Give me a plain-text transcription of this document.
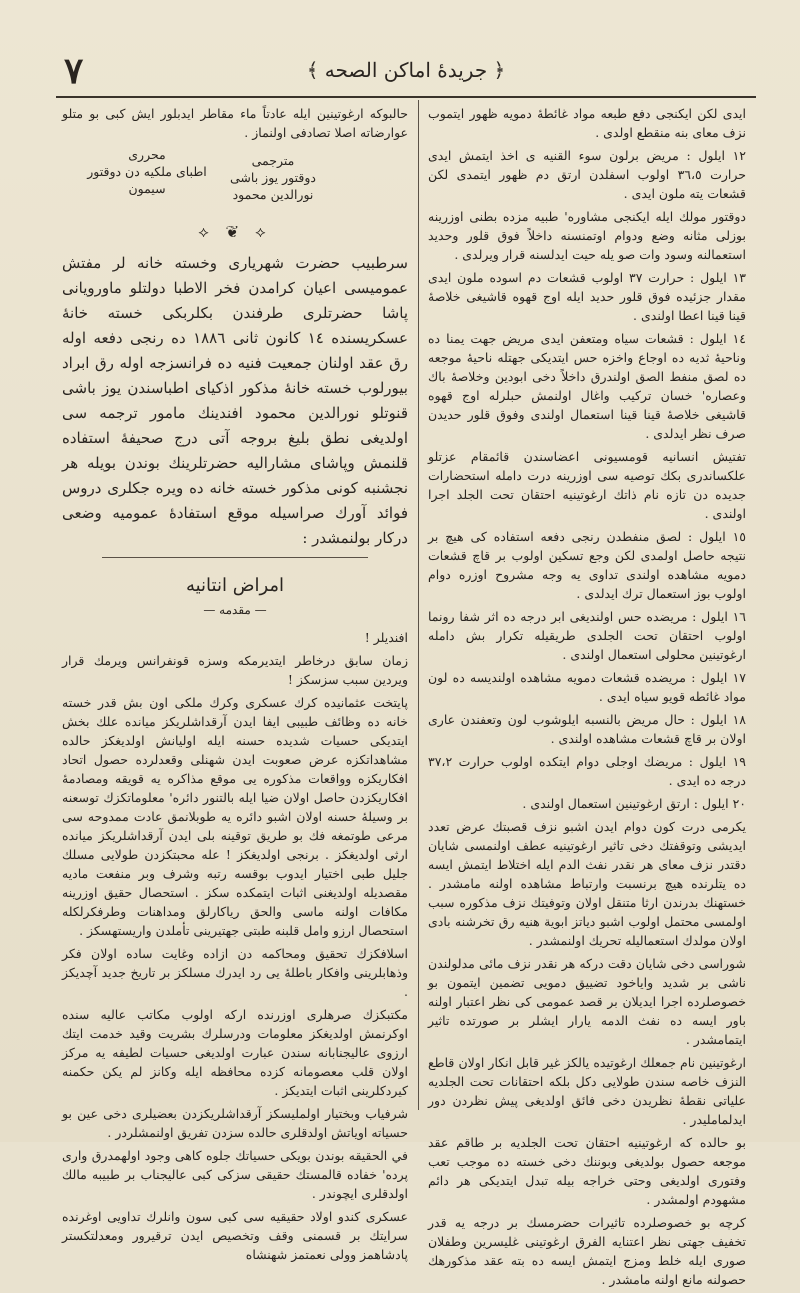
﴿ جريدهٔ اماكن الصحه ﴾
٧

ايدى لكن ايكنجى دفع طبعه مواد غائطهٔ دمويه ظهور ايتموب نزف معاى بنه منقطع اولدى .

١٢ ايلول : مريض برلون سوء القنيه ى اخذ ايتمش ايدى حرارت ٣٦،٥ اولوب اسفلدن ارتق دم ظهور ايتمدى لكن قشعات يته ملون ايدى .

دوقتور مولك ايله ايكنجى مشاوره' طبيه مزده بطنى اوزرينه بوزلى مثانه وضع ودوام اوتمنسنه داخلاً فوق قلور وحديد استعمالنه وسود وات صو يله حيت ايدلسنه قرار ويرلدى .

١٣ ايلول : حرارت ٣٧ اولوب قشعات دم اسوده ملون ايدى مقدار جزئيده فوق قلور حديد ايله اوج قهوه قاشيغى خلاصهٔ قينا قينا اعطا اولندى .

١٤ ايلول : قشعات سياه ومتعفن ايدى مريض جهت يمنا ده وناحيهٔ ثديه ده اوجاع واخزه حس ايتديكى جهتله ناحيهٔ موجعه ده لصق منفط الصق اولندرق داخلاً دخى ابودين وخلاصهٔ باك وعصاره' خسان تركيب واغال اولنمش حبلرله اوج قهوه قاشيغى خلاصهٔ قينا قينا استعمال اولندى وفوق قلور حديدن صرف نظر ايدلدى .

تفتيش انسانيه قومسيونى اعضاسندن قائمقام عزتلو علكساندرى بكك توصيه سى اوزرينه درت دامله استحضارات جديده دن تازه نام ذاتك ارغوتينيه احتقان تحت الجلد اجرا اولندى .

١٥ ايلول : لصق منفطدن رنجى دفعه استفاده كى هيچ بر نتيجه حاصل اولمدى لكن وجع تسكين اولوب بر قاچ قشعات دمويه مشاهده اولندى تداوى يه وجه مشروح اوزره دوام اولوب بوز استعمال ترك ايدلدى .

١٦ ايلول : مريضده حس اولنديغى ابر درجه ده اثر شفا رونما اولوب احتقان تحت الجلدى طريقيله تكرار بش دامله ارغوتينين محلولى استعمال اولندى .

١٧ ايلول : مريضده قشعات دمويه مشاهده اولنديسه ده لون مواد غائطه قويو سياه ايدى .

١٨ ايلول : حال مريض بالنسبه ايلوشوب لون وتعفندن عارى اولان بر قاچ قشعات مشاهده اولندى .

١٩ ايلول : مريضك اوجلى دوام ايتكده اولوب حرارت ٣٧،٢ درجه ده ايدى .

٢٠ ايلول : ارتق ارغوتينين استعمال اولندى .

يكرمى درت كون دوام ايدن اشبو نزف قصبتك عرض تعدد ايديشى وتوقفتك دخى تاثير ارغوتينيه عطف اولنمسى شايان دقتدر نزف معاى هر نقدر نفث الدم ايله اختلاط ايتمش ايسه ده يتلرنده هيچ برنسبت وارتباط مشاهده اولنه مامشدر . خستهنك بدرندن ارثا متنقل اولان وتوفيتك نزف مذكوره سبب اولمسى محتمل اولوب اشبو دياتز ابوية هنيه رق تخرشنه بادى اولان مولدك استعماليله تحريك اولنمشدر .

شوراسى دخى شايان دقت دركه هر نقدر نزف مائى مدلولندن ناشى بر شديد واياخود تضييق دمويى تضمين ايتمون بو خصوصلرده اجرا ايديلان بر قصد عمومى كى نظر اعتبار اولنه باور ايسه ده نفث الدمه يارار ايشلر بر صورتده تاثير ايتمامشدر .

ارغوتينين نام جمعلك ارغوتيده يالكز غير قابل انكار اولان قاطع النزف خاصه سندن طولايى دكل بلكه احتقانات تحت الجلديه علياتى نقطهٔ نظريدن دخى فائق اولديغى پيش نظردن دور ايدلمامليدر .

بو حالده كه ارغوتينيه احتقان تحت الجلديه بر طاقم عقد موجعه حصول بولديغى وبوننك دخى خسته ده موجب تعب وفتورى اولديغى وحتى خراجه بيله تبدل ايتديكى هر دائم مشهودم اولمشدر .

كرچه بو خصوصلرده تاثيرات حضرمسك بر درجه يه قدر تخفيف جهتى نظر اعتنايه الفرق ارغوتينى غليسرين وطفلان صورى ايله خلط ومزج ايتمش ايسه ده بته عقد مذكورهك حصولنه مانع اولنه مامشدر .

حالبوكه ارغوتينين ايله عادتاً ماء مقاطر ايدبلور ايش كبى بو متلو عوارضاته اصلا تصادفى اولنماز .

مترجمى
دوقتور يوز باشى
نورالدين محمود
محررى
اطباى ملكيه دن دوقتور
سيمون
⟡ ❦ ⟡

سرطبيب حضرت شهريارى وخسته خانه لر مفتش عموميسى اعيان كرامدن فخر الاطبا دولتلو ماورويانى پاشا حضرتلرى طرفندن بكلربكى خسته خانهٔ عسكريسنده ١٤ كانون ثانى ١٨٨٦ ده رنجى دفعه اوله رق عقد اولنان جمعيت فنيه ده فرانسزجه اوله رق ابراد بيورلوب خسته خانهٔ مذكور اذكياى اطباسندن يوز باشى قنوتلو نورالدين محمود افندينك مامور ترجمه سى اولديغى نطق بليغ بروجه آتى درج صحيفهٔ استفاده قلنمش وپاشاى مشاراليه حضرتلرينك بوندن بويله هر نجشنبه كونى مذكور خسته خانه ده ويره جكلرى دروس فوائد آورك صراسيله موقع استفادهٔ عموميه وضعى دركار بولنمشدر :

امراض انتانيه
— مقدمه —

افنديلر !

زمان سابق درخاطر ايتديرمكه وسزه قونفرانس ويرمك قرار ويردين سبب سزسكز !

پايتخت عثمانيده كرك عسكرى وكرك ملكى اون بش قدر خسته خانه ده وظائف طبيبى ايفا ايدن آرقداشلريكز ميانده علك بخش ايتديكى حسيات شديده حسنه ايله اوليانش اولديغكز حالده مشاهداتكزه عرض صعوبت ايدن شهنلى وقعدلرده حصول اتحاد افكاريكزه وواقعات مذكوره يى موقع مذاكره يه قويقه ومصادمهٔ افكاريكزدن حاصل اولان ضيا ايله بالتنور دائره' معلوماتكزك توسعنه بر وسيلهٔ حسنه اولان اشبو دائره يه طوبلانمق عادت ممدوحه سى مرعى طوتمغه فك بو طريق توقينه بلى ايدن آرقداشلريكز ميانده ارثى اولديغكز . برنجى اولديغكز ! عله محبتكزدن طولايى مسلك جليل طبى اختيار ايدوب بوقسه رتبه وشرف وبر منفعت ماديه مقصديله اولديغنى اثبات ايتمكده سكز . استحصال حقيق اوزرينه مكافات اولنه ماسى والحق رياكارلق ومداهنات وطرفكرلكله استحصال ارزو وامل قلبنه طبتى جهتيرينى تأملدن واريستهسكز .

اسلافكزك تحقيق ومحاكمه دن ازاده وغايت ساده اولان فكر وذهابلرينى وافكار باطلهٔ يى رد ايدرك مسلكز بر تاريخ جديد آچديكز .

مكتبكزك صرهلرى اوزرنده اركه اولوب مكاتب عاليه سنده اوكرنمش اولديغكز معلومات ودرسلرك بشريت وقيد خدمت ايتك ارزوى عاليجنابانه سندن عبارت اولديغى حسيات لطيفه يه مركز اولان قلب معصومانه كزده محافظه ايله وكانز لم يكن حكمنه كيردكلرينى اثبات ايتديكز .

شرفياب وبختيار اولمليسكز آرقداشلريكزدن بعضيلرى دخى عين بو حسياته اوياتش اولدقلرى حالده سزدن تفريق اولنمشلردر .

في الحقيقه بوندن بويكى حسياتك جلوه كاهى وجود اولهمدرق وارى پرده' خفاده قالمستك حقيقى سزكى كبى عاليجناب بر طبيبه مالك اولدقلرى ايچوندر .

عسكرى كندو اولاد حقيقيه سى كبى سون وانلرك تداويى اوغرنده سرايتك بر قسمنى وقف وتخصيص ايدن ترقيرور ومعدلتكستر پادشاهمز وولى نعمتمز شهنشاه
